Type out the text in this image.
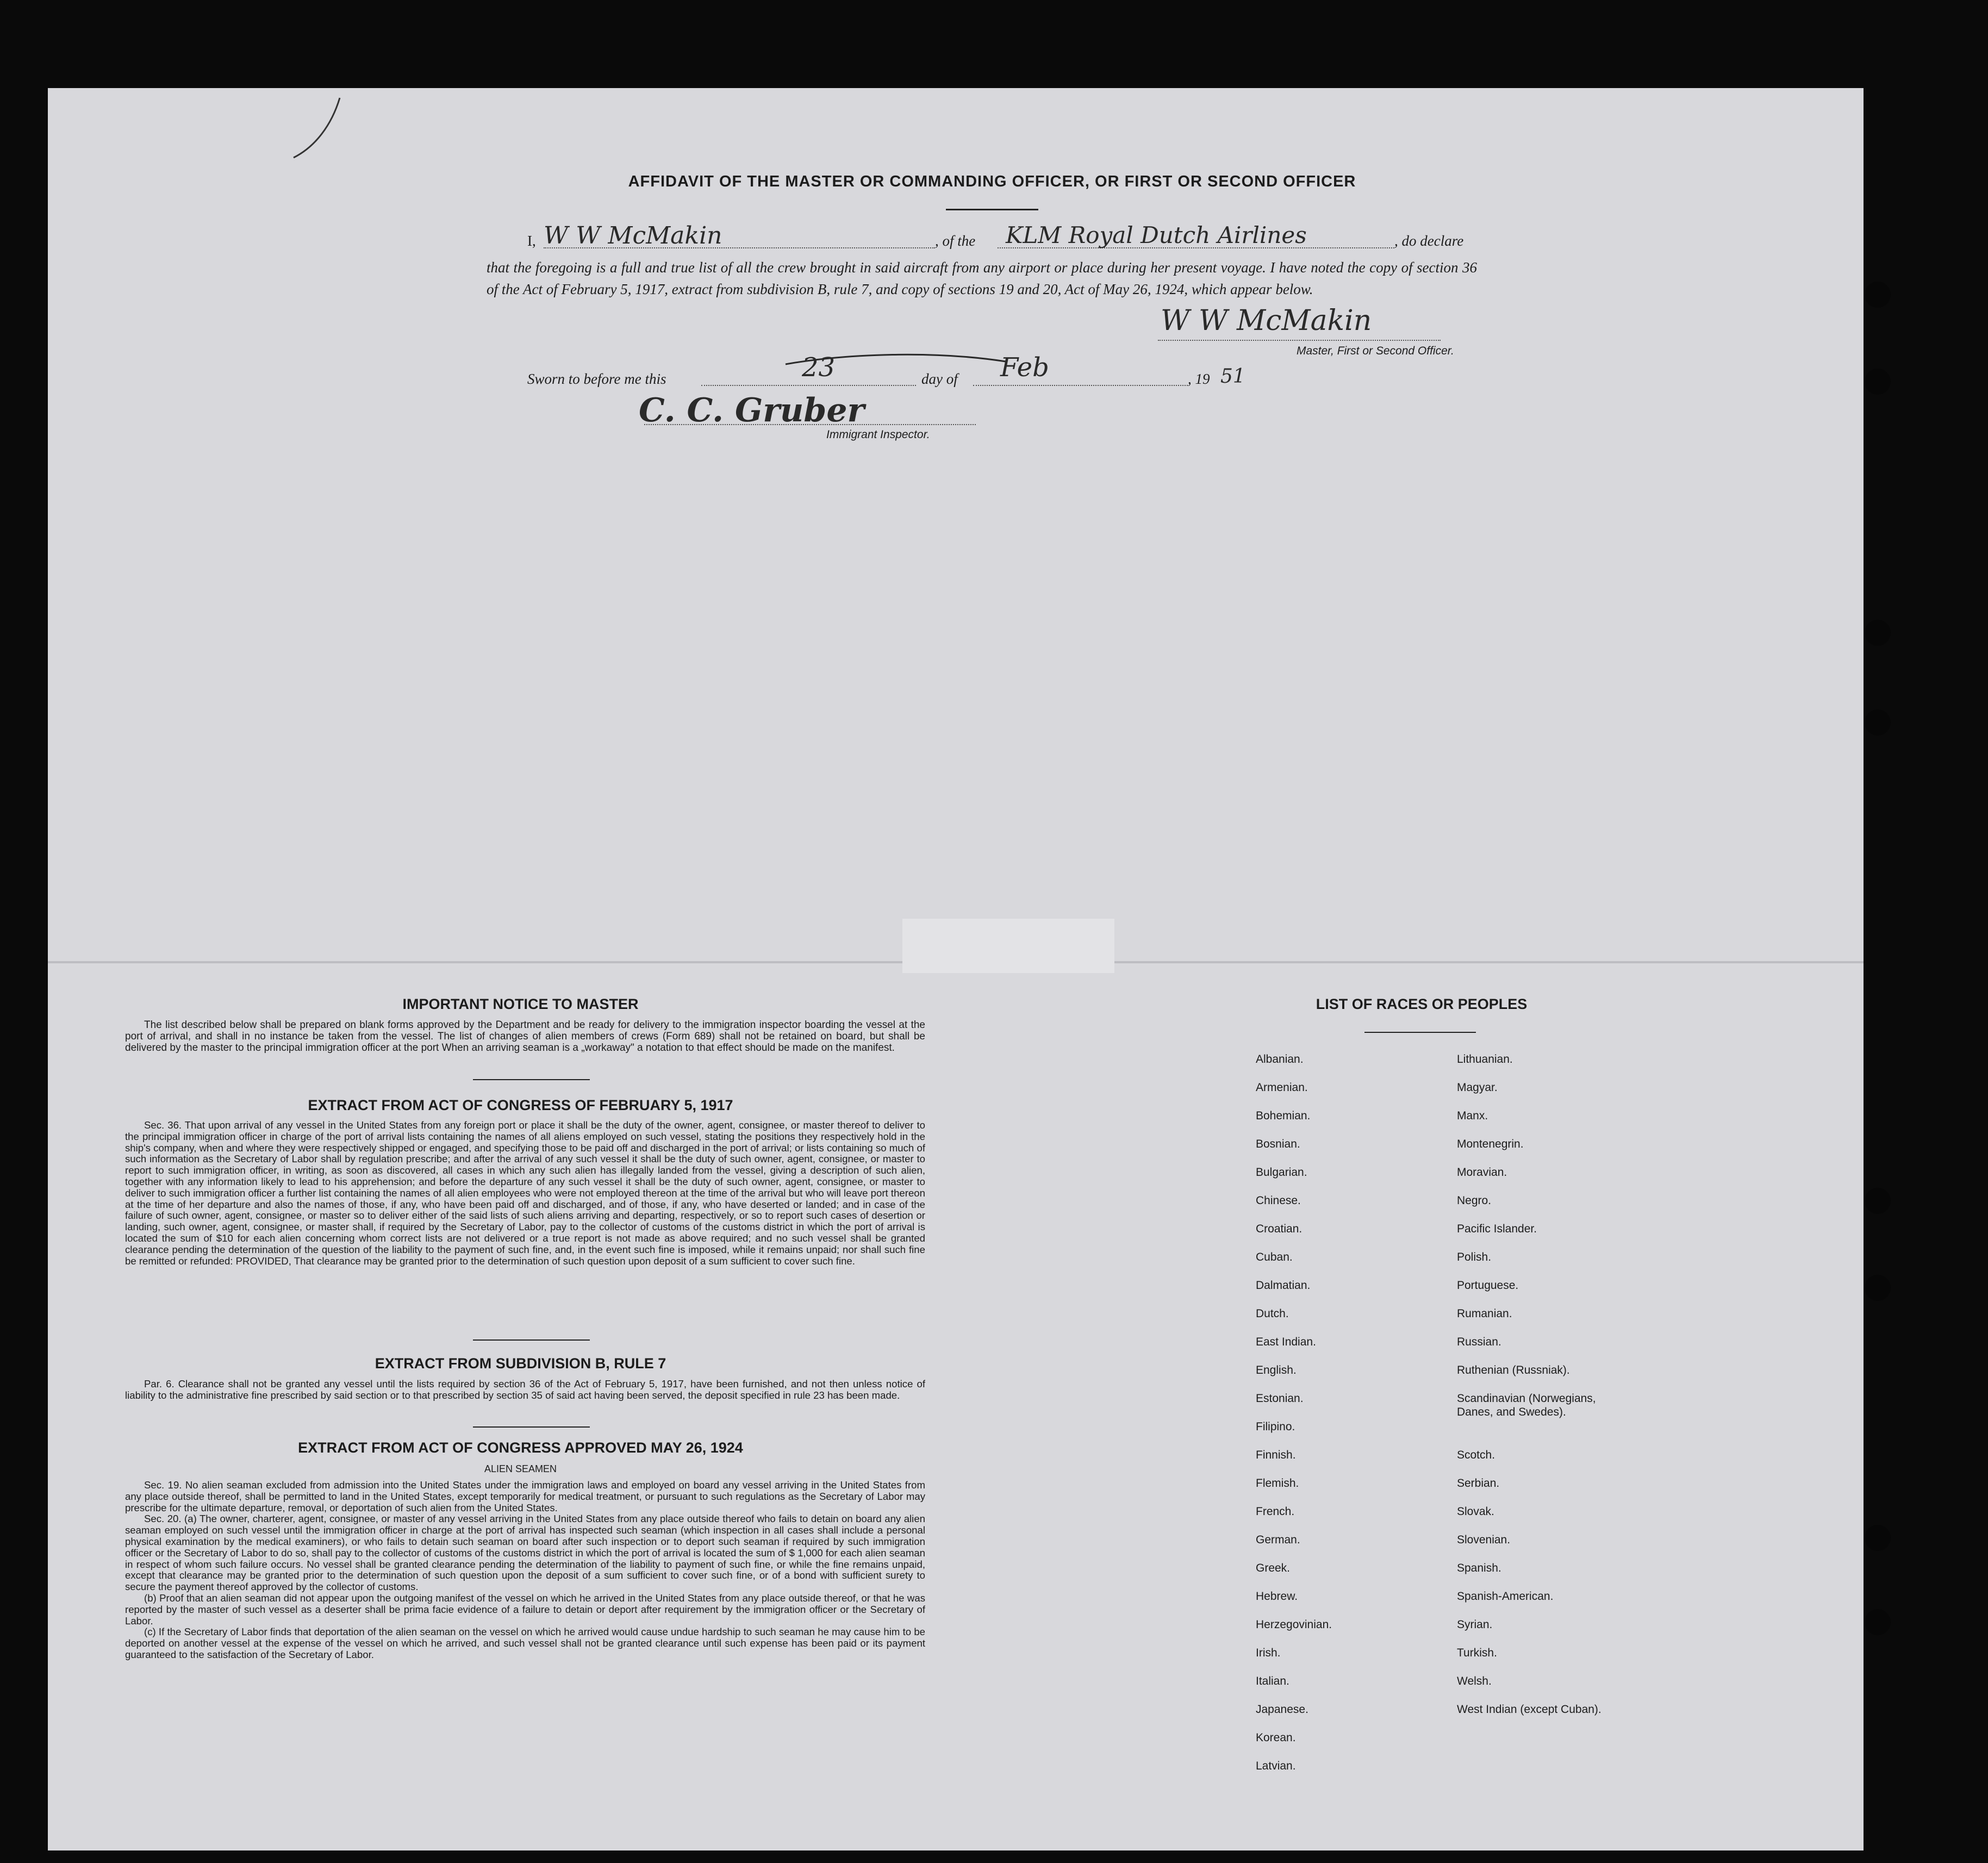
AFFIDAVIT OF THE MASTER OR COMMANDING OFFICER, OR FIRST OR SECOND OFFICER
I, W W McMakin	, of the KLM Royal Dutch Airlines	, do declare
that the foregoing is a full and true list of all the crew brought in said aircraft from any airport or place during her present voyage. I have noted the copy of section 36 of the Act of February 5, 1917, extract from subdivision B, rule 7, and copy of sections 19 and 20, Act of May 26, 1924, which appear below.
W W McMakin
Master, First or Second Officer.
Sworn to before me this	23	day of Feb	, 19 51
C. C. Gruber
Immigrant Inspector.
IMPORTANT NOTICE TO MASTER
The list described below shall be prepared on blank forms approved by the Department and be ready for delivery to the immigration inspector boarding the vessel at the port of arrival, and shall in no instance be taken from the vessel. The list of changes of alien members of crews (Form 689) shall not be retained on board, but shall be delivered by the master to the principal immigration officer at the port When an arriving seaman is a „workaway" a notation to that effect should be made on the manifest.
EXTRACT FROM ACT OF CONGRESS OF FEBRUARY 5, 1917
Sec. 36. That upon arrival of any vessel in the United States from any foreign port or place it shall be the duty of the owner, agent, consignee, or master thereof to deliver to the principal immigration officer in charge of the port of arrival lists containing the names of all aliens employed on such vessel, stating the positions they respectively hold in the ship's company, when and where they were respectively shipped or engaged, and specifying those to be paid off and discharged in the port of arrival; or lists containing so much of such information as the Secretary of Labor shall by regulation prescribe; and after the arrival of any such vessel it shall be the duty of such owner, agent, consignee, or master to report to such immigration officer, in writing, as soon as discovered, all cases in which any such alien has illegally landed from the vessel, giving a description of such alien, together with any information likely to lead to his apprehension; and before the departure of any such vessel it shall be the duty of such owner, agent, consignee, or master to deliver to such immigration officer a further list containing the names of all alien employees who were not employed thereon at the time of the arrival but who will leave port thereon at the time of her departure and also the names of those, if any, who have been paid off and discharged, and of those, if any, who have deserted or landed; and in case of the failure of such owner, agent, consignee, or master so to deliver either of the said lists of such aliens arriving and departing, respectively, or so to report such cases of desertion or landing, such owner, agent, consignee, or master shall, if required by the Secretary of Labor, pay to the collector of customs of the customs district in which the port of arrival is located the sum of $10 for each alien concerning whom correct lists are not delivered or a true report is not made as above required; and no such vessel shall be granted clearance pending the determination of the question of the liability to the payment of such fine, and, in the event such fine is imposed, while it remains unpaid; nor shall such fine be remitted or refunded: PROVIDED, That clearance may be granted prior to the determination of such question upon deposit of a sum sufficient to cover such fine.
EXTRACT FROM SUBDIVISION B, RULE 7
Par. 6. Clearance shall not be granted any vessel until the lists required by section 36 of the Act of February 5, 1917, have been furnished, and not then unless notice of liability to the administrative fine prescribed by said section or to that prescribed by section 35 of said act having been served, the deposit specified in rule 23 has been made.
EXTRACT FROM ACT OF CONGRESS APPROVED MAY 26, 1924
ALIEN SEAMEN
Sec. 19. No alien seaman excluded from admission into the United States under the immigration laws and employed on board any vessel arriving in the United States from any place outside thereof, shall be permitted to land in the United States, except temporarily for medical treatment, or pursuant to such regulations as the Secretary of Labor may prescribe for the ultimate departure, removal, or deportation of such alien from the United States.
Sec. 20. (a) The owner, charterer, agent, consignee, or master of any vessel arriving in the United States from any place outside thereof who fails to detain on board any alien seaman employed on such vessel until the immigration officer in charge at the port of arrival has inspected such seaman (which inspection in all cases shall include a personal physical examination by the medical examiners), or who fails to detain such seaman on board after such inspection or to deport such seaman if required by such immigration officer or the Secretary of Labor to do so, shall pay to the collector of customs of the customs district in which the port of arrival is located the sum of $ 1,000 for each alien seaman in respect of whom such failure occurs. No vessel shall be granted clearance pending the determination of the liability to payment of such fine, or while the fine remains unpaid, except that clearance may be granted prior to the determination of such question upon the deposit of a sum sufficient to cover such fine, or of a bond with sufficient surety to secure the payment thereof approved by the collector of customs.
(b) Proof that an alien seaman did not appear upon the outgoing manifest of the vessel on which he arrived in the United States from any place outside thereof, or that he was reported by the master of such vessel as a deserter shall be prima facie evidence of a failure to detain or deport after requirement by the immigration officer or the Secretary of Labor.
(c) If the Secretary of Labor finds that deportation of the alien seaman on the vessel on which he arrived would cause undue hardship to such seaman he may cause him to be deported on another vessel at the expense of the vessel on which he arrived, and such vessel shall not be granted clearance until such expense has been paid or its payment guaranteed to the satisfaction of the Secretary of Labor.
LIST OF RACES OR PEOPLES
Albanian.
Armenian.
Bohemian.
Bosnian.
Bulgarian.
Chinese.
Croatian.
Cuban.
Dalmatian.
Dutch.
East Indian.
English.
Estonian.
Filipino.
Finnish.
Flemish.
French.
German.
Greek.
Hebrew.
Herzegovinian.
Irish.
Italian.
Japanese.
Korean.
Latvian.
Lithuanian.
Magyar.
Manx.
Montenegrin.
Moravian.
Negro.
Pacific Islander.
Polish.
Portuguese.
Rumanian.
Russian.
Ruthenian (Russniak).
Scandinavian (Norwegians,
Danes, and Swedes).
Scotch.
Serbian.
Slovak.
Slovenian.
Spanish.
Spanish-American.
Syrian.
Turkish.
Welsh.
West Indian (except Cuban).
